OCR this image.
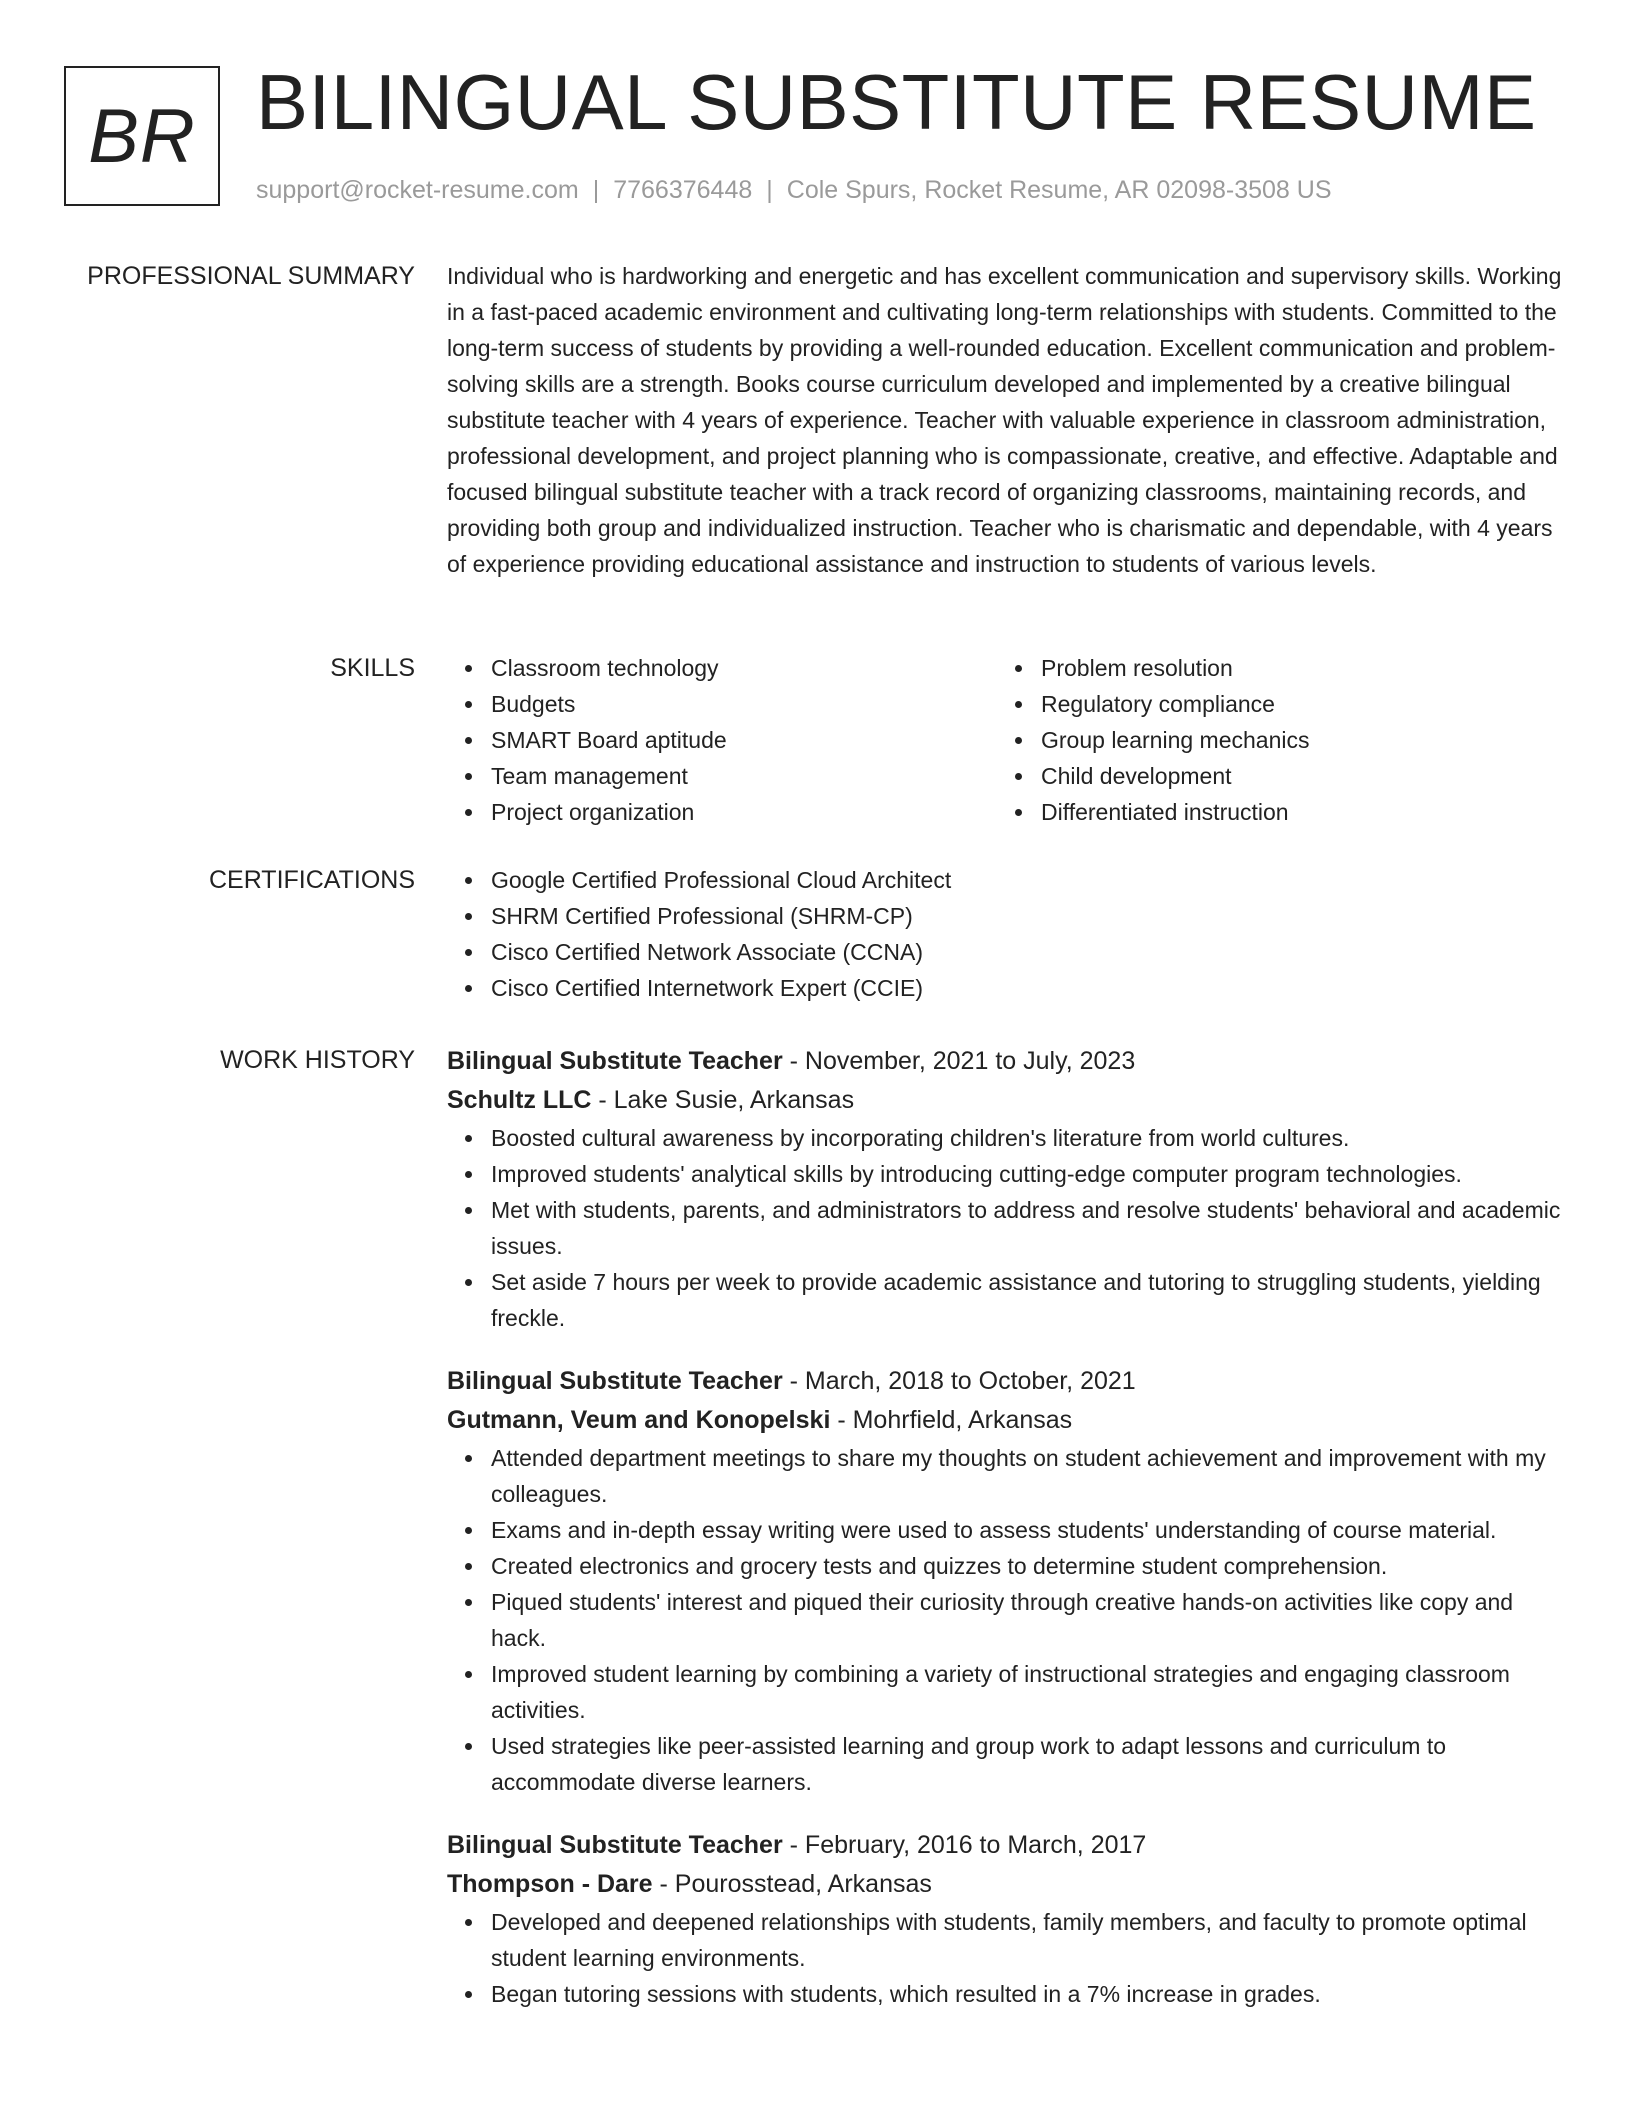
BR BILINGUAL SUBSTITUTE RESUME
support@rocket-resume.com | 7766376448 | Cole Spurs, Rocket Resume, AR 02098-3508 US
PROFESSIONAL SUMMARY Individual who is hardworking and energetic and has excellent communication and supervisory skills. Working in a fast-paced academic environment and cultivating long-term relationships with students. Committed to the long-term success of students by providing a well-rounded education. Excellent communication and problem-solving skills are a strength. Books course curriculum developed and implemented by a creative bilingual substitute teacher with 4 years of experience. Teacher with valuable experience in classroom administration, professional development, and project planning who is compassionate, creative, and effective. Adaptable and focused bilingual substitute teacher with a track record of organizing classrooms, maintaining records, and providing both group and individualized instruction. Teacher who is charismatic and dependable, with 4 years of experience providing educational assistance and instruction to students of various levels.

SKILLS	Classroom technology
Budgets
SMART Board aptitude
Team management
Project organization
Problem resolution
Regulatory compliance
Group learning mechanics
Child development
Differentiated instruction
CERTIFICATIONS	Google Certified Professional Cloud Architect
SHRM Certified Professional (SHRM-CP)
Cisco Certified Network Associate (CCNA)
Cisco Certified Internetwork Expert (CCIE)
WORK HISTORY Bilingual Substitute Teacher - November, 2021 to July, 2023
Schultz LLC - Lake Susie, Arkansas
Boosted cultural awareness by incorporating children's literature from world cultures.
Improved students' analytical skills by introducing cutting-edge computer program technologies.
Met with students, parents, and administrators to address and resolve students' behavioral and academic issues.
Set aside 7 hours per week to provide academic assistance and tutoring to struggling students, yielding freckle.
Bilingual Substitute Teacher - March, 2018 to October, 2021
Gutmann, Veum and Konopelski - Mohrfield, Arkansas
Attended department meetings to share my thoughts on student achievement and improvement with my colleagues.
Exams and in-depth essay writing were used to assess students' understanding of course material.
Created electronics and grocery tests and quizzes to determine student comprehension.
Piqued students' interest and piqued their curiosity through creative hands-on activities like copy and hack.
Improved student learning by combining a variety of instructional strategies and engaging classroom activities.
Used strategies like peer-assisted learning and group work to adapt lessons and curriculum to accommodate diverse learners.
Bilingual Substitute Teacher - February, 2016 to March, 2017
Thompson - Dare - Pourosstead, Arkansas
Developed and deepened relationships with students, family members, and faculty to promote optimal student learning environments.
Began tutoring sessions with students, which resulted in a 7% increase in grades.
